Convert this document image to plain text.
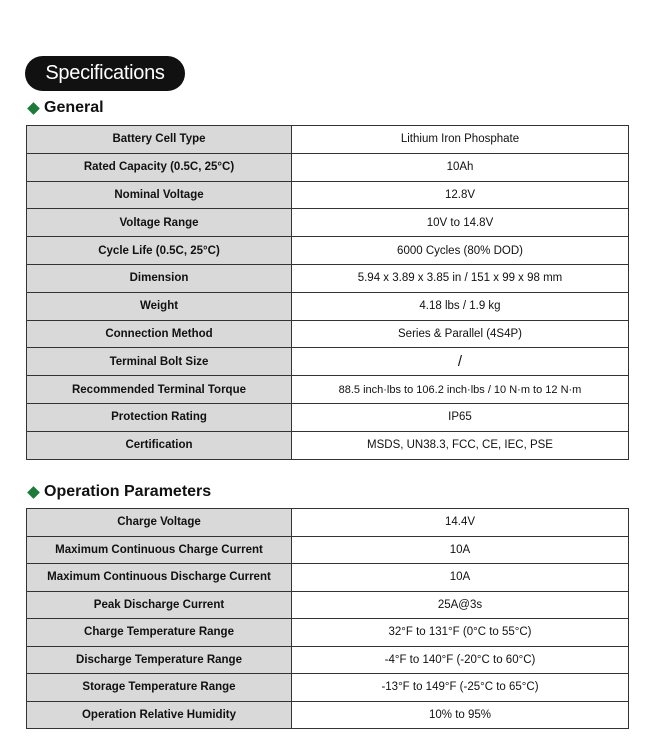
Specifications
General
Battery Cell Type	Lithium Iron Phosphate
Rated Capacity (0.5C, 25°C)	10Ah
Nominal Voltage	12.8V
Voltage Range	10V to 14.8V
Cycle Life (0.5C, 25°C)	6000 Cycles (80% DOD)
Dimension	5.94 x 3.89 x 3.85 in / 151 x 99 x 98 mm
Weight	4.18 lbs / 1.9 kg
Connection Method	Series & Parallel (4S4P)
Terminal Bolt Size	/
Recommended Terminal Torque	88.5 inch·lbs to 106.2 inch·lbs / 10 N·m to 12 N·m
Protection Rating	IP65
Certification	MSDS, UN38.3, FCC, CE, IEC, PSE
Operation Parameters
Charge Voltage	14.4V
Maximum Continuous Charge Current	10A
Maximum Continuous Discharge Current	10A
Peak Discharge Current	25A@3s
Charge Temperature Range	32°F to 131°F (0°C to 55°C)
Discharge Temperature Range	-4°F to 140°F (-20°C to 60°C)
Storage Temperature Range	-13°F to 149°F (-25°C to 65°C)
Operation Relative Humidity	10% to 95%
